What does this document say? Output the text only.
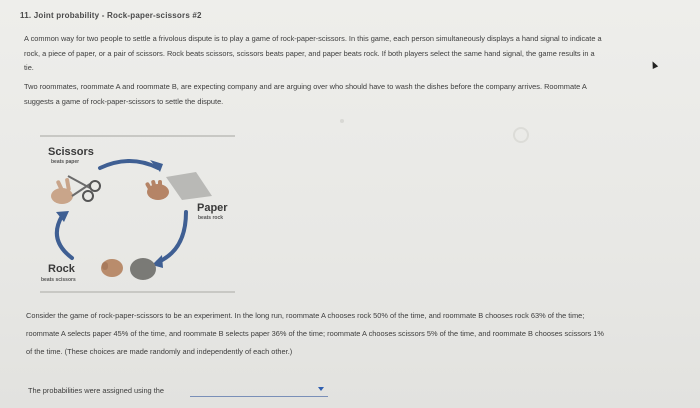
11. Joint probability - Rock-paper-scissors #2
A common way for two people to settle a frivolous dispute is to play a game of rock-paper-scissors. In this game, each person simultaneously displays a hand signal to indicate a rock, a piece of paper, or a pair of scissors. Rock beats scissors, scissors beats paper, and paper beats rock. If both players select the same hand signal, the game results in a tie.
Two roommates, roommate A and roommate B, are expecting company and are arguing over who should have to wash the dishes before the company arrives. Roommate A suggests a game of rock-paper-scissors to settle the dispute.
Scissors
beats paper
Paper
beats rock
Rock
beats scissors
Consider the game of rock-paper-scissors to be an experiment. In the long run, roommate A chooses rock 50% of the time, and roommate B chooses rock 63% of the time; roommate A selects paper 45% of the time, and roommate B selects paper 36% of the time; roommate A chooses scissors 5% of the time, and roommate B chooses scissors 1% of the time. (These choices are made randomly and independently of each other.)
The probabilities were assigned using the
